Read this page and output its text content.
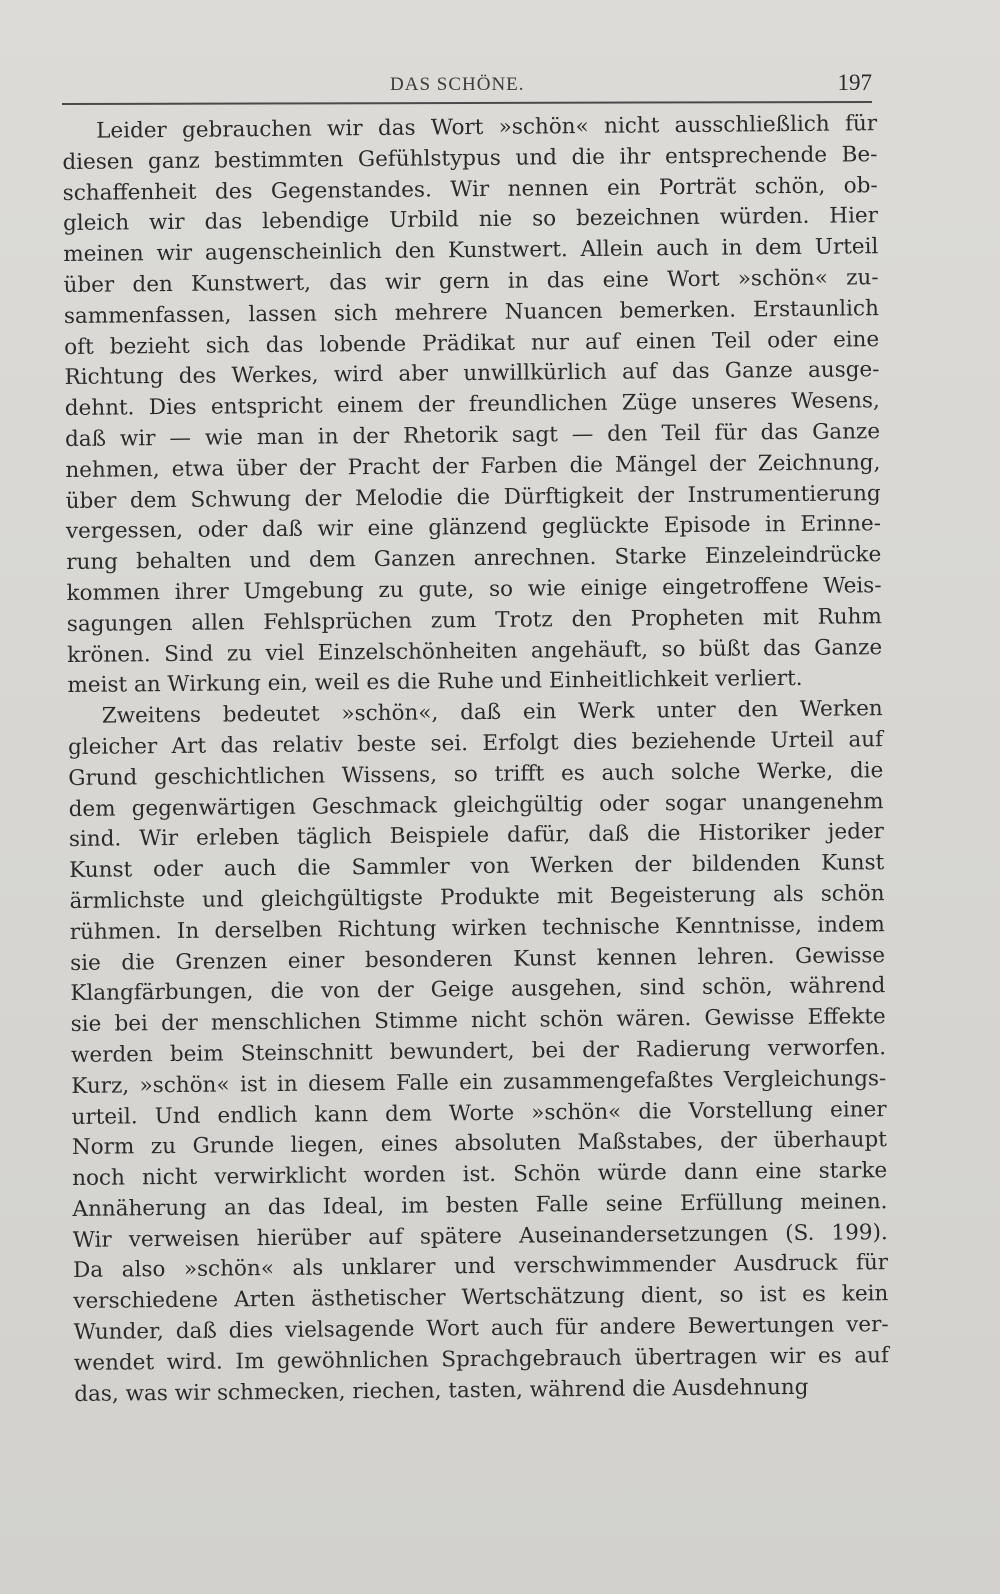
DAS SCHÖNE.	197
Leider gebrauchen wir das Wort »schön« nicht ausschließlich für
diesen ganz bestimmten Gefühlstypus und die ihr entsprechende Be-
schaffenheit des Gegenstandes. Wir nennen ein Porträt schön, ob-
gleich wir das lebendige Urbild nie so bezeichnen würden. Hier
meinen wir augenscheinlich den Kunstwert. Allein auch in dem Urteil
über den Kunstwert, das wir gern in das eine Wort »schön« zu-
sammenfassen, lassen sich mehrere Nuancen bemerken. Erstaunlich
oft bezieht sich das lobende Prädikat nur auf einen Teil oder eine
Richtung des Werkes, wird aber unwillkürlich auf das Ganze ausge-
dehnt. Dies entspricht einem der freundlichen Züge unseres Wesens,
daß wir — wie man in der Rhetorik sagt — den Teil für das Ganze
nehmen, etwa über der Pracht der Farben die Mängel der Zeichnung,
über dem Schwung der Melodie die Dürftigkeit der Instrumentierung
vergessen, oder daß wir eine glänzend geglückte Episode in Erinne-
rung behalten und dem Ganzen anrechnen. Starke Einzeleindrücke
kommen ihrer Umgebung zu gute, so wie einige eingetroffene Weis-
sagungen allen Fehlsprüchen zum Trotz den Propheten mit Ruhm
krönen. Sind zu viel Einzelschönheiten angehäuft, so büßt das Ganze
meist an Wirkung ein, weil es die Ruhe und Einheitlichkeit verliert.
Zweitens bedeutet »schön«, daß ein Werk unter den Werken
gleicher Art das relativ beste sei. Erfolgt dies beziehende Urteil auf
Grund geschichtlichen Wissens, so trifft es auch solche Werke, die
dem gegenwärtigen Geschmack gleichgültig oder sogar unangenehm
sind. Wir erleben täglich Beispiele dafür, daß die Historiker jeder
Kunst oder auch die Sammler von Werken der bildenden Kunst
ärmlichste und gleichgültigste Produkte mit Begeisterung als schön
rühmen. In derselben Richtung wirken technische Kenntnisse, indem
sie die Grenzen einer besonderen Kunst kennen lehren. Gewisse
Klangfärbungen, die von der Geige ausgehen, sind schön, während
sie bei der menschlichen Stimme nicht schön wären. Gewisse Effekte
werden beim Steinschnitt bewundert, bei der Radierung verworfen.
Kurz, »schön« ist in diesem Falle ein zusammengefaßtes Vergleichungs-
urteil. Und endlich kann dem Worte »schön« die Vorstellung einer
Norm zu Grunde liegen, eines absoluten Maßstabes, der überhaupt
noch nicht verwirklicht worden ist. Schön würde dann eine starke
Annäherung an das Ideal, im besten Falle seine Erfüllung meinen.
Wir verweisen hierüber auf spätere Auseinandersetzungen (S. 199).
Da also »schön« als unklarer und verschwimmender Ausdruck für
verschiedene Arten ästhetischer Wertschätzung dient, so ist es kein
Wunder, daß dies vielsagende Wort auch für andere Bewertungen ver-
wendet wird. Im gewöhnlichen Sprachgebrauch übertragen wir es auf
das, was wir schmecken, riechen, tasten, während die Ausdehnung
